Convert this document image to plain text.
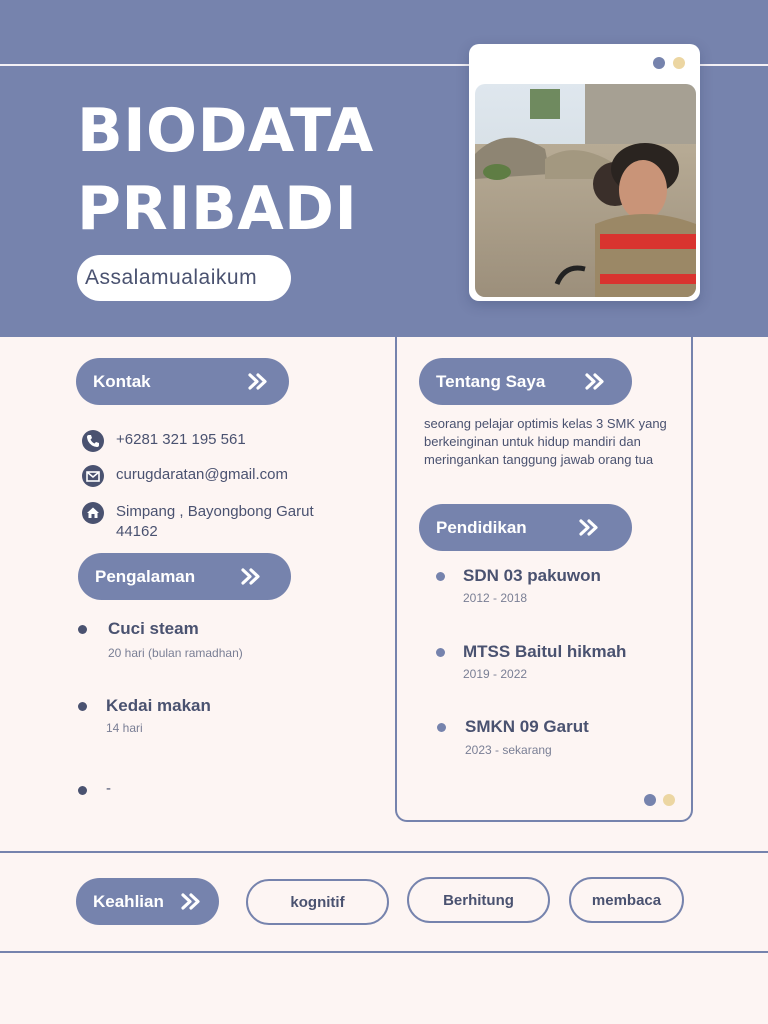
BIODATA
PRIBADI
Assalamualaikum
Kontak
+6281 321 195 561
curugdaratan@gmail.com
Simpang , Bayongbong Garut
44162
Pengalaman
Cuci steam
20 hari (bulan ramadhan)
Kedai makan
14 hari
-
Tentang Saya
seorang pelajar optimis kelas 3 SMK yang berkeinginan untuk hidup mandiri dan meringankan tanggung jawab orang tua
Pendidikan
SDN 03 pakuwon
2012 - 2018
MTSS Baitul hikmah
2019 - 2022
SMKN 09 Garut
2023 - sekarang
Keahlian	kognitif	Berhitung	membaca
